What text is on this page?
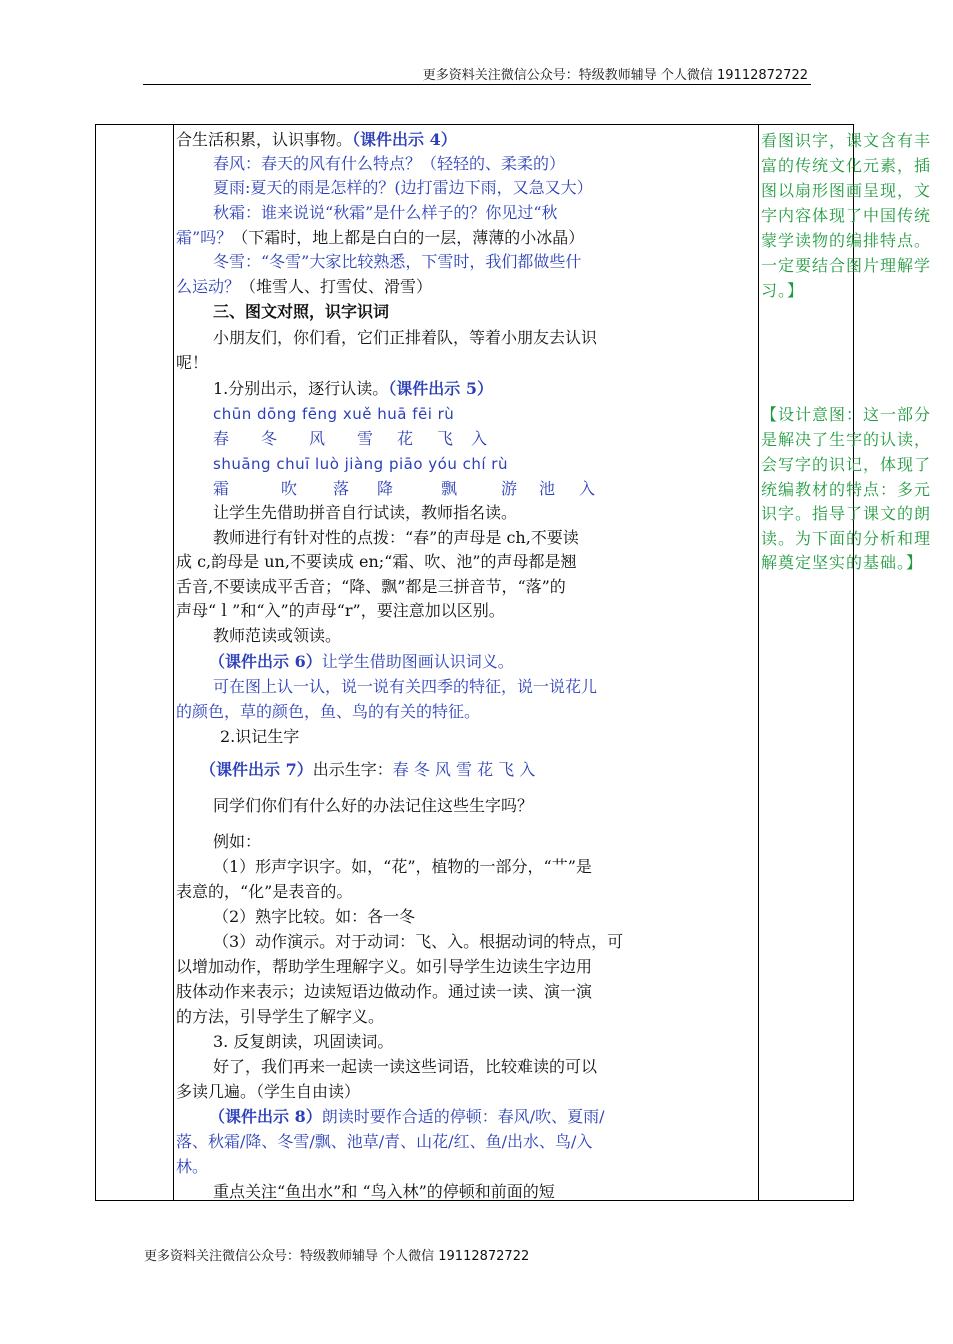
更多资料关注微信公众号：特级教师辅导 个人微信 19112872722
合生活积累，认识事物。（课件出示 4）
春风：春天的风有什么特点？（轻轻的、柔柔的）
夏雨:夏天的雨是怎样的？(边打雷边下雨，又急又大）
秋霜：谁来说说“秋霜”是什么样子的？你见过“秋
霜”吗？（下霜时，地上都是白白的一层，薄薄的小冰晶）
冬雪：“冬雪”大家比较熟悉，下雪时，我们都做些什
么运动？（堆雪人、打雪仗、滑雪）
三、图文对照，识字识词
小朋友们，你们看，它们正排着队，等着小朋友去认识
呢！
1.分别出示，逐行认读。（课件出示 5）
chūn dōng fēng xuě huā fēi rù
春 冬 风 雪 花 飞 入
shuāng chuī luò jiàng piāo yóu chí rù
霜	吹 落 降	飘	游 池 入
让学生先借助拼音自行试读，教师指名读。
教师进行有针对性的点拨：“春”的声母是 ch,不要读
成 c,韵母是 un,不要读成 en;“霜、吹、池”的声母都是翘
舌音,不要读成平舌音；“降、飘”都是三拼音节，“落”的
声母“ｌ”和“入”的声母“r”，要注意加以区别。
教师范读或领读。
（课件出示 6）让学生借助图画认识词义。
可在图上认一认，说一说有关四季的特征，说一说花儿
的颜色，草的颜色，鱼、鸟的有关的特征。
2.识记生字
（课件出示 7）出示生字：春 冬 风 雪 花 飞 入
同学们你们有什么好的办法记住这些生字吗？
例如：
（1）形声字识字。如，“花”，植物的一部分，“艹”是
表意的，“化”是表音的。
（2）熟字比较。如：各一冬
（3）动作演示。对于动词：飞、入。根据动词的特点，可
以增加动作，帮助学生理解字义。如引导学生边读生字边用
肢体动作来表示；边读短语边做动作。通过读一读、演一演
的方法，引导学生了解字义。
3. 反复朗读，巩固读词。
好了，我们再来一起读一读这些词语，比较难读的可以
多读几遍。（学生自由读）
（课件出示 8）朗读时要作合适的停顿：春风/吹、夏雨/
落、秋霜/降、冬雪/飘、池草/青、山花/红、鱼/出水、鸟/入
林。
重点关注“鱼出水”和 “鸟入林”的停顿和前面的短
看图识字，课文含有丰
富的传统文化元素，插
图以扇形图画呈现，文
字内容体现了中国传统
蒙学读物的编排特点。
一定要结合图片理解学
习。】
【设计意图：这一部分
是解决了生字的认读，
会写字的识记，体现了
统编教材的特点：多元
识字。指导了课文的朗
读。为下面的分析和理
解奠定坚实的基础。】
更多资料关注微信公众号：特级教师辅导 个人微信 19112872722
